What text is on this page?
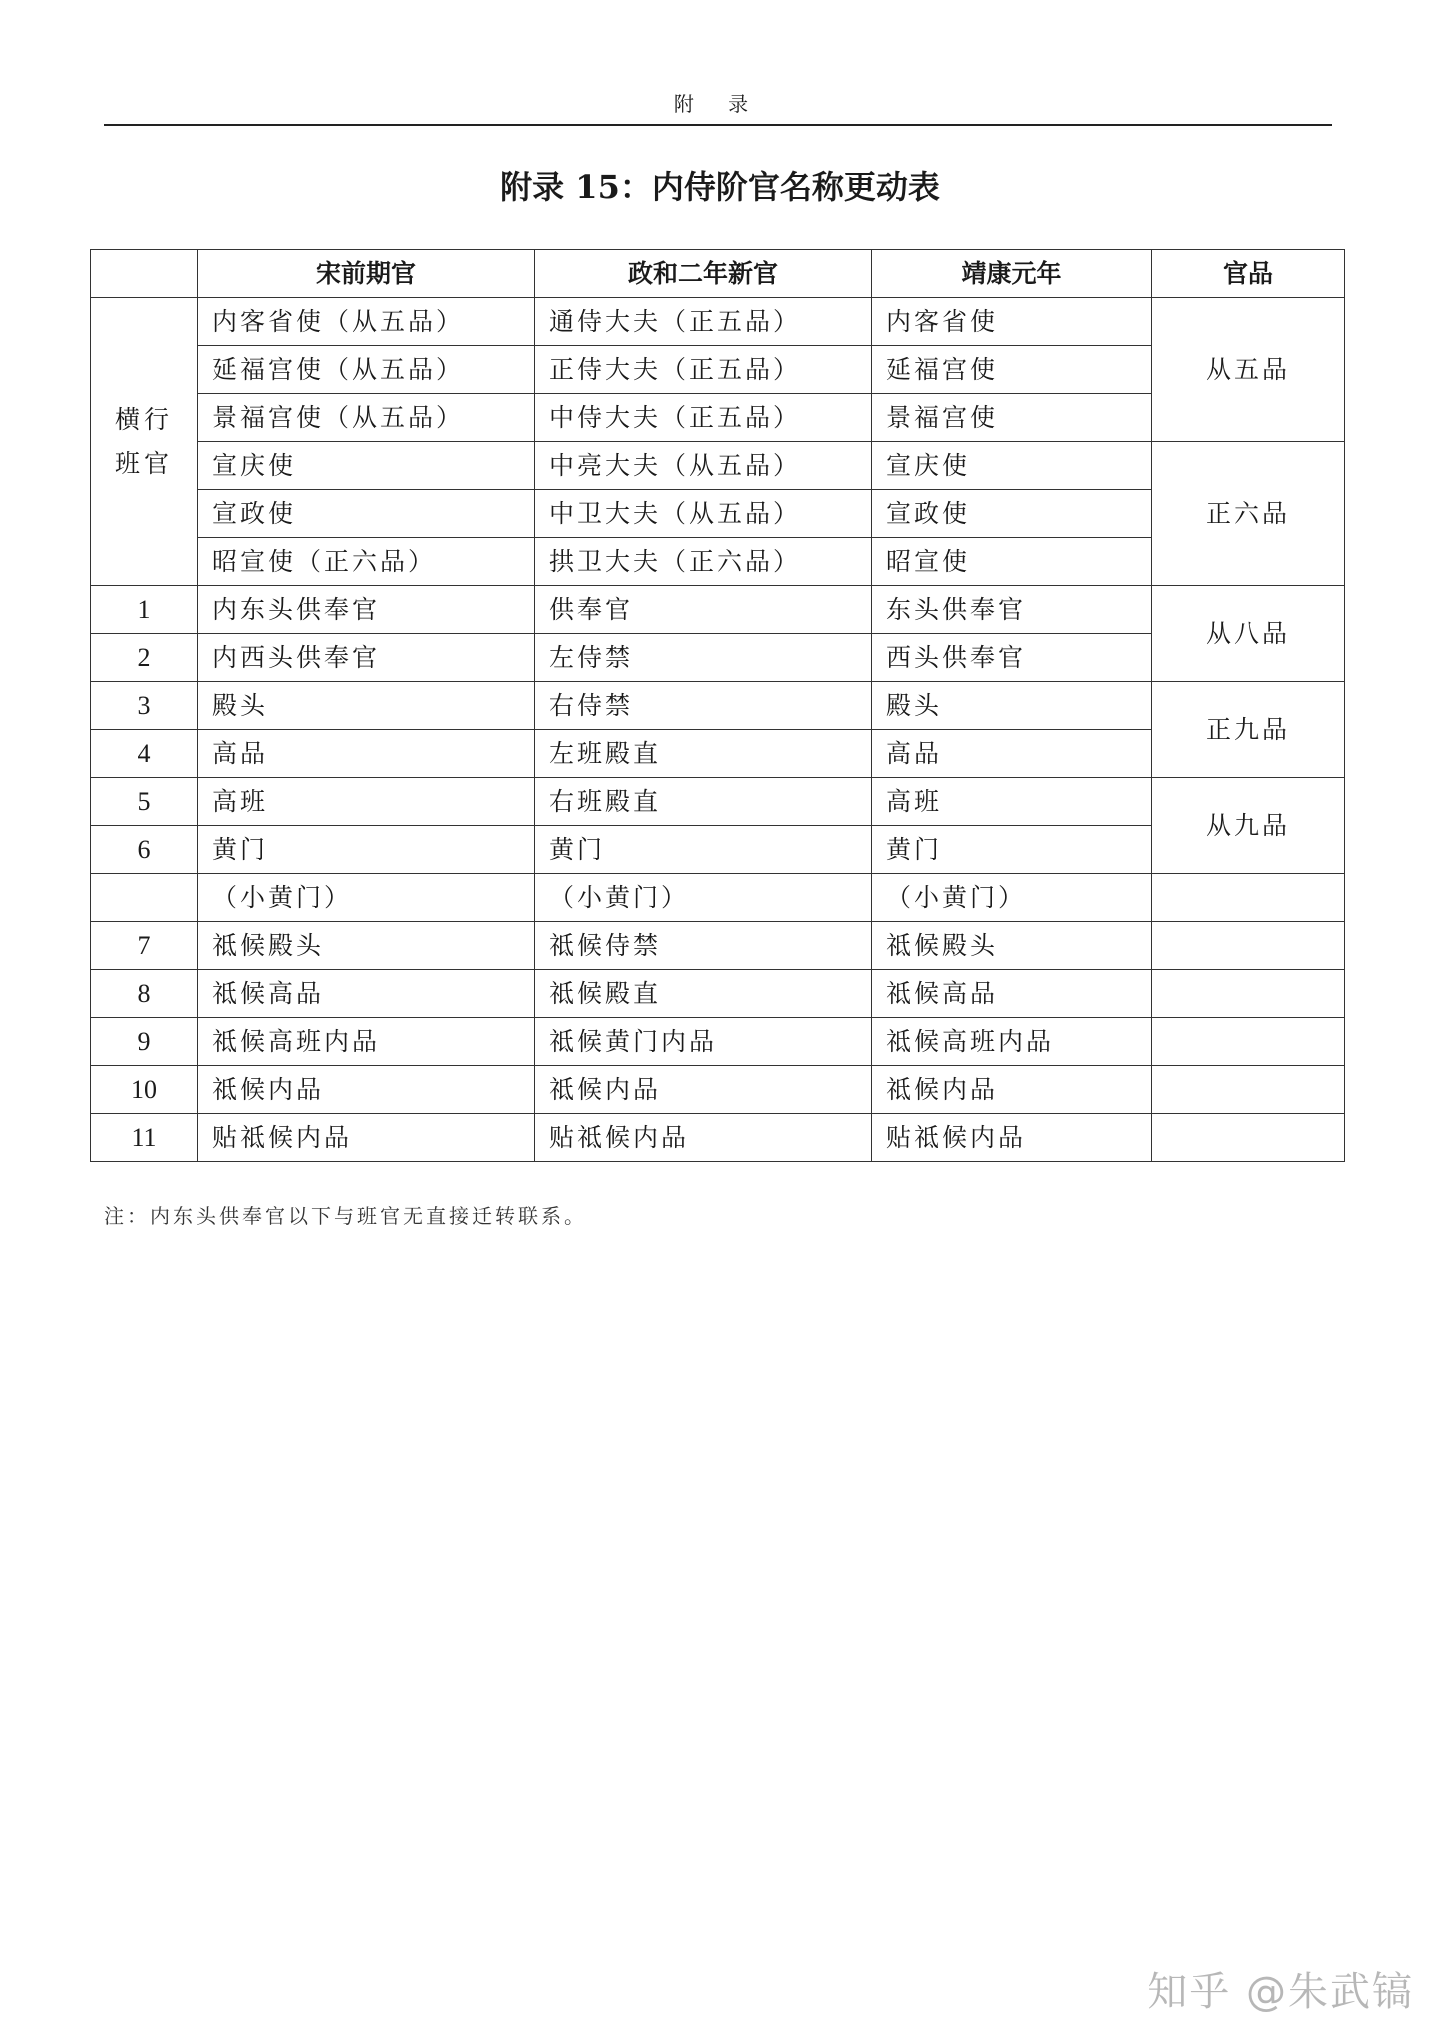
附 录
附录 15：内侍阶官名称更动表
	宋前期官	政和二年新官	靖康元年	官品

横行
班官	内客省使（从五品）	通侍大夫（正五品）	内客省使	从五品
	延福宫使（从五品）	正侍大夫（正五品）	延福宫使	
	景福宫使（从五品）	中侍大夫（正五品）	景福宫使	
	宣庆使	中亮大夫（从五品）	宣庆使	正六品
	宣政使	中卫大夫（从五品）	宣政使	
	昭宣使（正六品）	拱卫大夫（正六品）	昭宣使	
1	内东头供奉官	供奉官	东头供奉官	从八品
2	内西头供奉官	左侍禁	西头供奉官	
3	殿头	右侍禁	殿头	正九品
4	高品	左班殿直	高品	
5	高班	右班殿直	高班	从九品
6	黄门	黄门	黄门	
	（小黄门）	（小黄门）	（小黄门）	
7	祗候殿头	祗候侍禁	祗候殿头	
8	祗候高品	祗候殿直	祗候高品	
9	祗候高班内品	祗候黄门内品	祗候高班内品	
10	祗候内品	祗候内品	祗候内品	
11	贴祗候内品	贴祗候内品	贴祗候内品	
注：内东头供奉官以下与班官无直接迁转联系。
知乎 @朱武镐
